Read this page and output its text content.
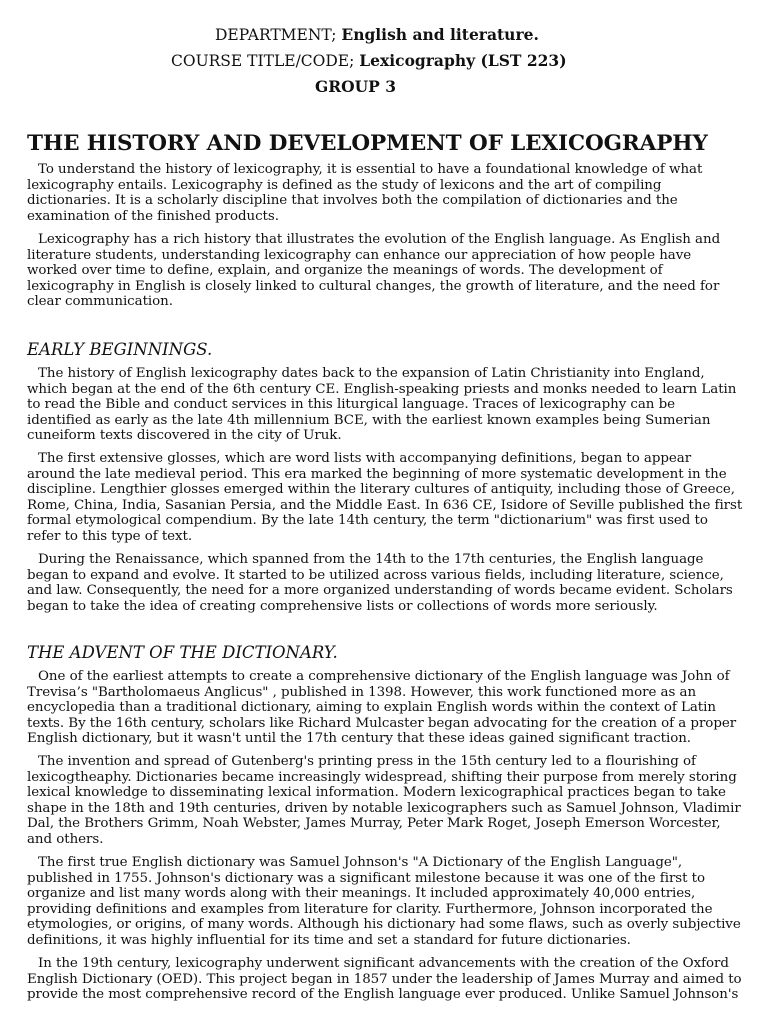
DEPARTMENT; English and literature.
COURSE TITLE/CODE; Lexicography (LST 223)
GROUP 3
THE HISTORY AND DEVELOPMENT OF LEXICOGRAPHY

To understand the history of lexicography, it is essential to have a foundational knowledge of what lexicography entails. Lexicography is defined as the study of lexicons and the art of compiling dictionaries. It is a scholarly discipline that involves both the compilation of dictionaries and the examination of the finished products.

Lexicography has a rich history that illustrates the evolution of the English language. As English and literature students, understanding lexicography can enhance our appreciation of how people have worked over time to define, explain, and organize the meanings of words. The development of lexicography in English is closely linked to cultural changes, the growth of literature, and the need for clear communication.

EARLY BEGINNINGS.

The history of English lexicography dates back to the expansion of Latin Christianity into England, which began at the end of the 6th century CE. English-speaking priests and monks needed to learn Latin to read the Bible and conduct services in this liturgical language. Traces of lexicography can be identified as early as the late 4th millennium BCE, with the earliest known examples being Sumerian cuneiform texts discovered in the city of Uruk.

The first extensive glosses, which are word lists with accompanying definitions, began to appear around the late medieval period. This era marked the beginning of more systematic development in the discipline. Lengthier glosses emerged within the literary cultures of antiquity, including those of Greece, Rome, China, India, Sasanian Persia, and the Middle East. In 636 CE, Isidore of Seville published the first formal etymological compendium. By the late 14th century, the term "dictionarium" was first used to refer to this type of text.

During the Renaissance, which spanned from the 14th to the 17th centuries, the English language began to expand and evolve. It started to be utilized across various fields, including literature, science, and law. Consequently, the need for a more organized understanding of words became evident. Scholars began to take the idea of creating comprehensive lists or collections of words more seriously.

THE ADVENT OF THE DICTIONARY.

One of the earliest attempts to create a comprehensive dictionary of the English language was John of Trevisa’s "Bartholomaeus Anglicus" , published in 1398. However, this work functioned more as an encyclopedia than a traditional dictionary, aiming to explain English words within the context of Latin texts. By the 16th century, scholars like Richard Mulcaster began advocating for the creation of a proper English dictionary, but it wasn't until the 17th century that these ideas gained significant traction.

The invention and spread of Gutenberg's printing press in the 15th century led to a flourishing of lexicogtheaphy. Dictionaries became increasingly widespread, shifting their purpose from merely storing lexical knowledge to disseminating lexical information. Modern lexicographical practices began to take shape in the 18th and 19th centuries, driven by notable lexicographers such as Samuel Johnson, Vladimir Dal, the Brothers Grimm, Noah Webster, James Murray, Peter Mark Roget, Joseph Emerson Worcester, and others.

The first true English dictionary was Samuel Johnson's "A Dictionary of the English Language", published in 1755. Johnson's dictionary was a significant milestone because it was one of the first to organize and list many words along with their meanings. It included approximately 40,000 entries, providing definitions and examples from literature for clarity. Furthermore, Johnson incorporated the etymologies, or origins, of many words. Although his dictionary had some flaws, such as overly subjective definitions, it was highly influential for its time and set a standard for future dictionaries.

In the 19th century, lexicography underwent significant advancements with the creation of the Oxford English Dictionary (OED). This project began in 1857 under the leadership of James Murray and aimed to provide the most comprehensive record of the English language ever produced. Unlike Samuel Johnson's
